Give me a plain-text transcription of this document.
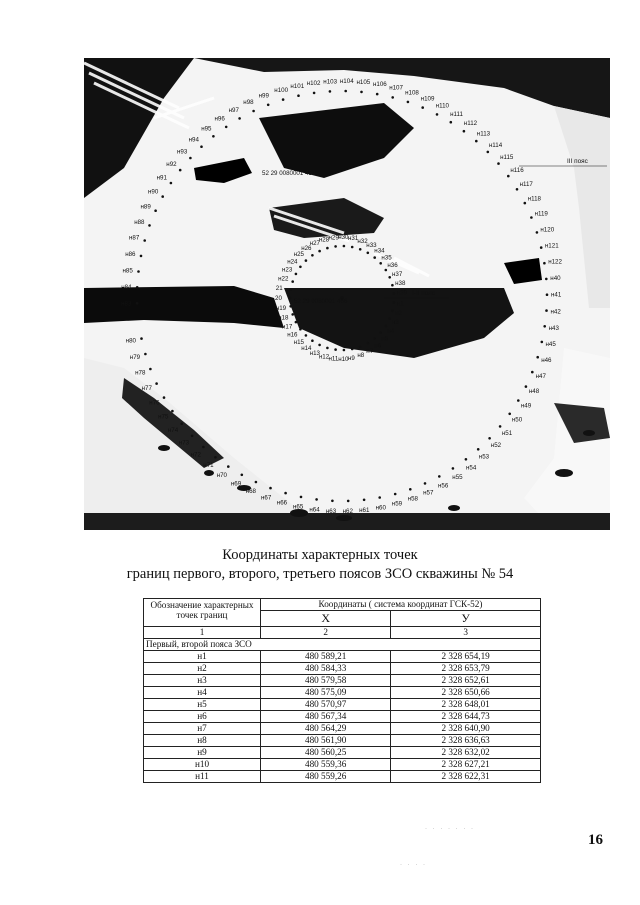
н83
н84
н85
н86
н87
н88
н89
н90
н91
н92
н93
н94
н95
н96
н97
н98
н99
н100
н101 н102 н103 н104 н105 н106 н107
н108
н109
н110
н111
н112
н113
н114
н115
н116
н117
н118
н119
н120
н121
н122
н40
н41
н42
н43
н45
н46
н47
н48
н49
н50
н51
н52
н53
н54
н55
н56
н57
н58
н59
н60
н61
н62
н63
н64
н65
н66
н67
н68
н69
н70
н71
н72
н73
н74
н75
н76
н77
н78
н79
н80
н1
н2
н3
н4
н5
н6
н7
н8
н9
н10
н11
н12
н13
н14
н15
н16
н17
н18
н19
20
21
н22
н23
н24
н25
н26
н27
н28 н29 н30 н31 н32
н33
н34
н35
н36
н37
н38
н39
52 29 0080001 439
52 29 0080001 466
III пояс
I-II пояс
Координаты характерных точек
границ первого, второго, третьего поясов ЗСО скважины № 54
Обозначение характерных точек границ	Координаты ( система координат ГСК-52)	
	X	У
1	2	3
Первый, второй пояса ЗСО		
н1	480 589,21	2 328 654,19
н2	480 584,33	2 328 653,79
н3	480 579,58	2 328 652,61
н4	480 575,09	2 328 650,66
н5	480 570,97	2 328 648,01
н6	480 567,34	2 328 644,73
н7	480 564,29	2 328 640,90
н8	480 561,90	2 328 636,63
н9	480 560,25	2 328 632,02
н10	480 559,36	2 328 627,21
н11	480 559,26	2 328 622,31
16
· · · · · · ·
· · · ·
